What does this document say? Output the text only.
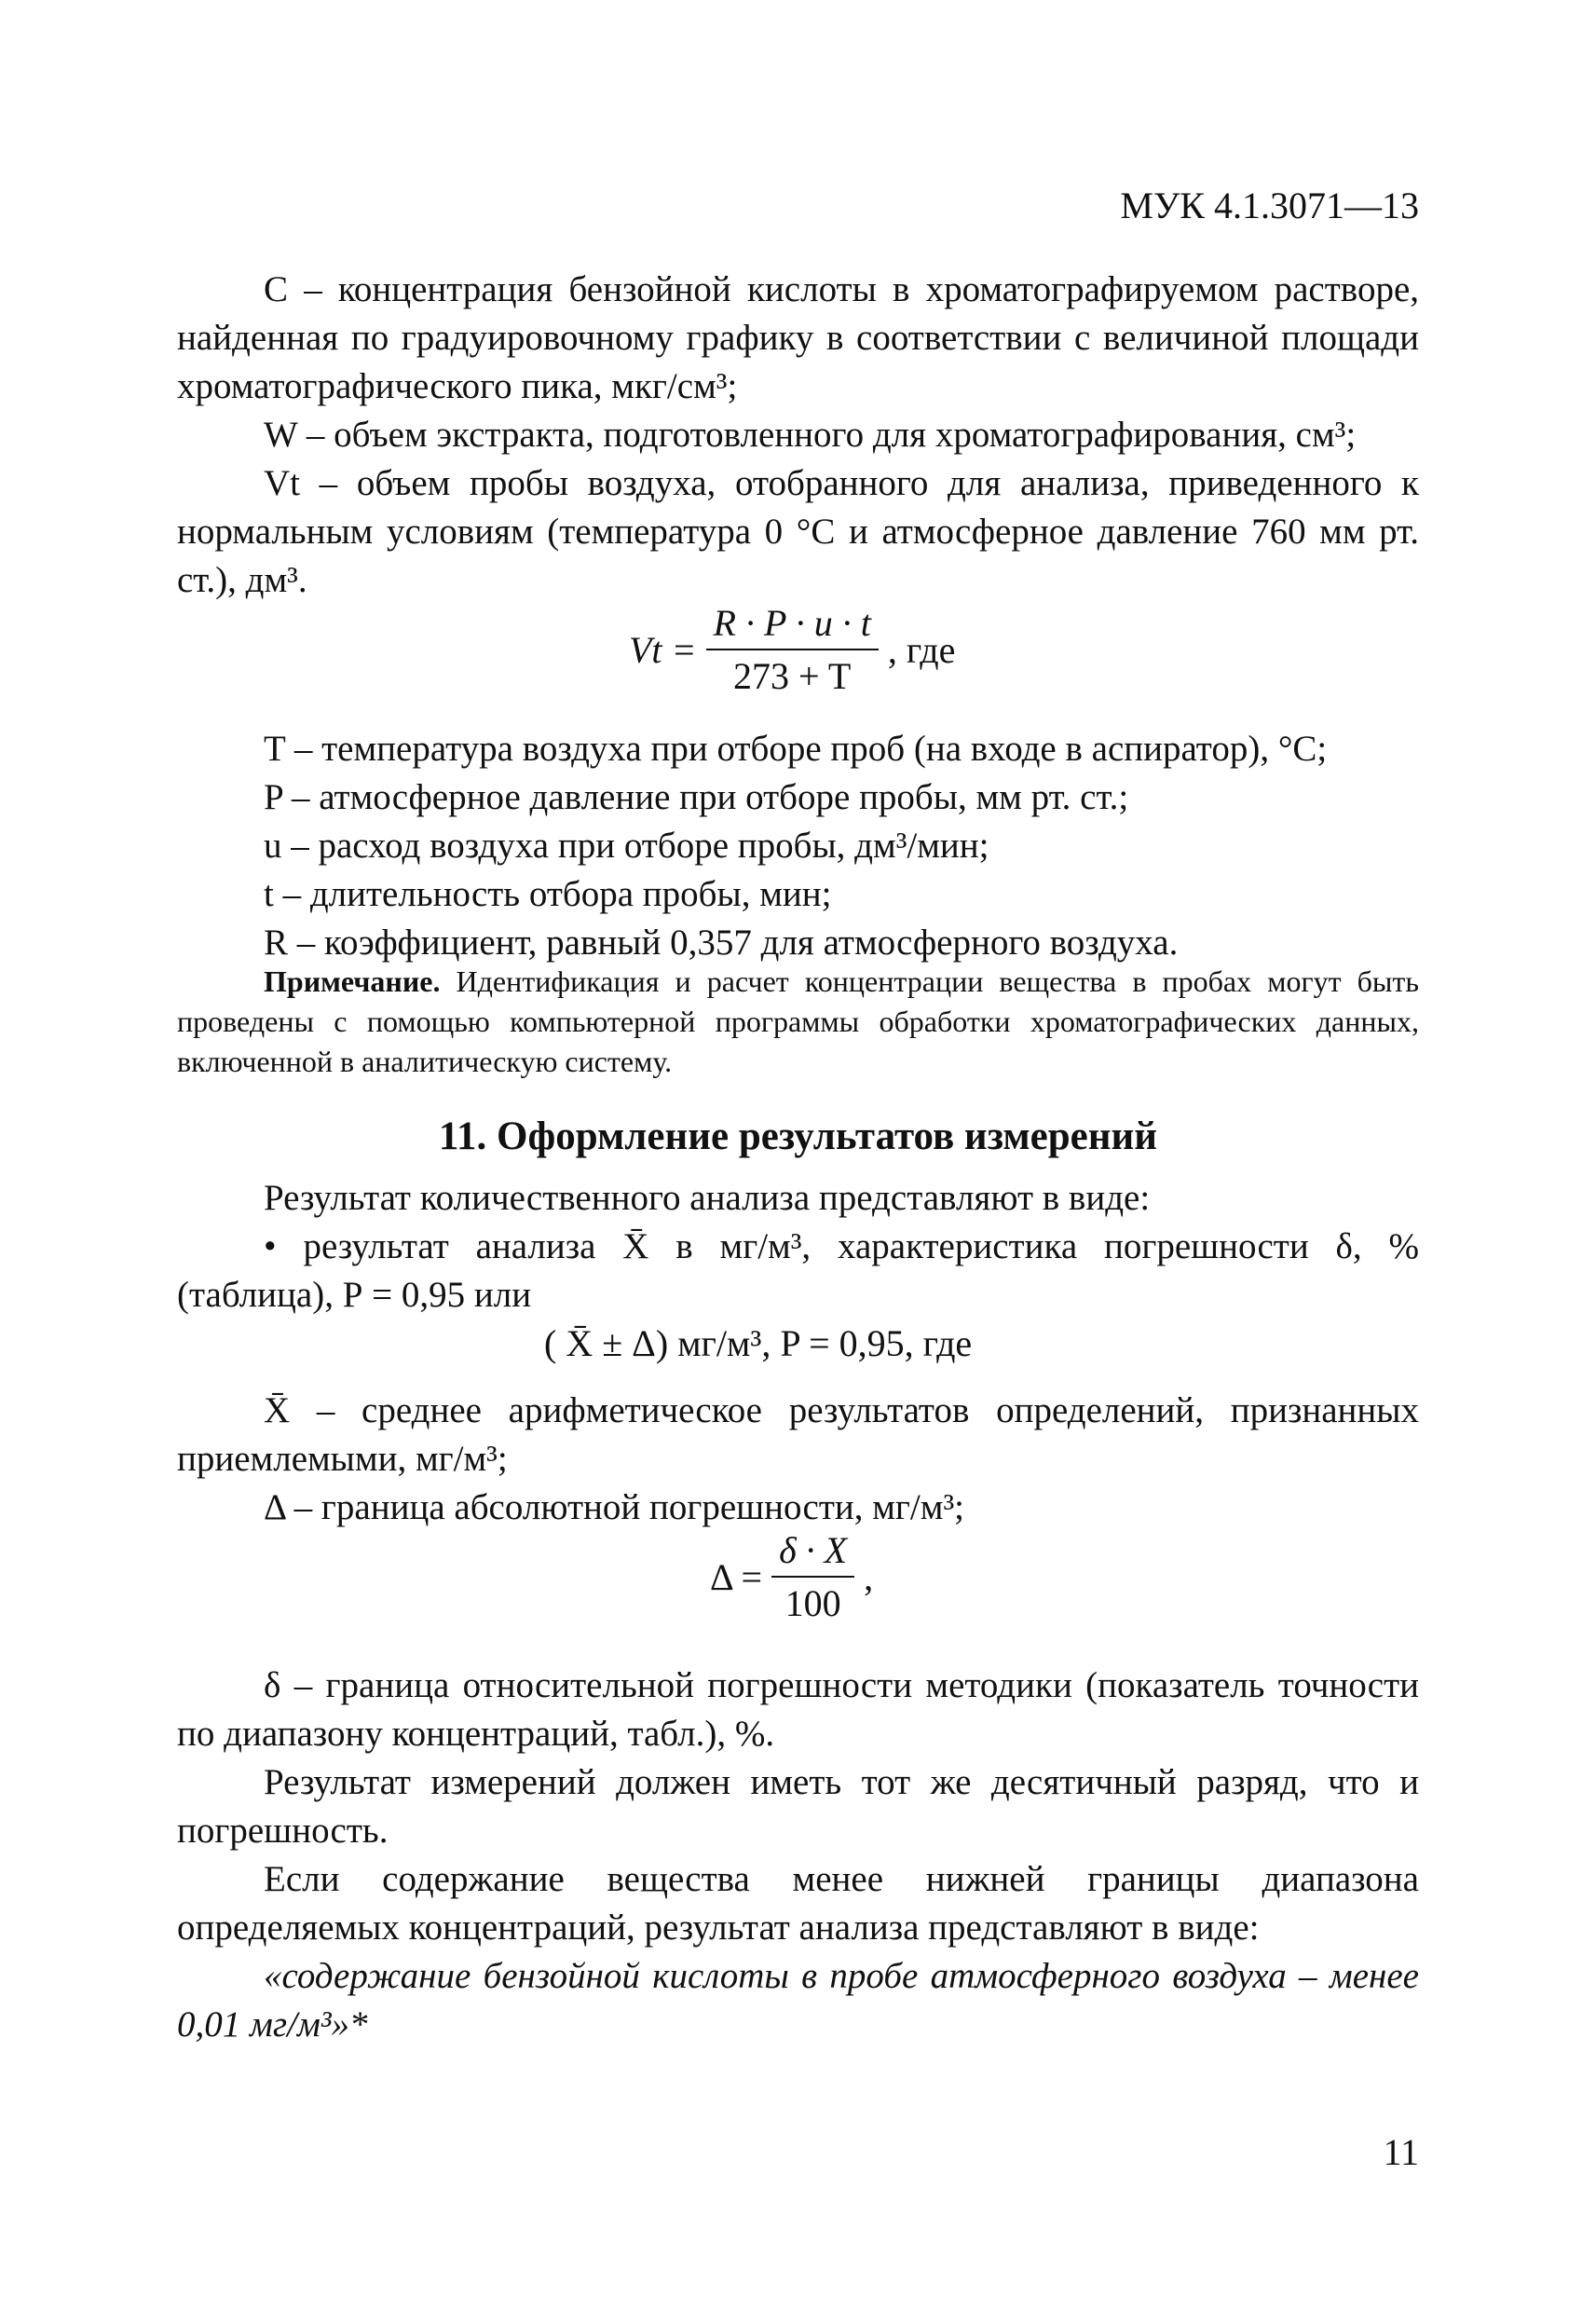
МУК 4.1.3071—13

С – концентрация бензойной кислоты в хроматографируемом растворе, найденная по градуировочному графику в соответствии с величиной площади хроматографического пика, мкг/см³;

W – объем экстракта, подготовленного для хроматографирования, см³;

Vt – объем пробы воздуха, отобранного для анализа, приведенного к нормальным условиям (температура 0 °С и атмосферное давление 760 мм рт. ст.), дм³.

$Vt = \frac{R \cdot P \cdot u \cdot t}{273 + T}$ , где

T – температура воздуха при отборе проб (на входе в аспиратор), °С;

P – атмосферное давление при отборе пробы, мм рт. ст.;

u – расход воздуха при отборе пробы, дм³/мин;

t – длительность отбора пробы, мин;

R – коэффициент, равный 0,357 для атмосферного воздуха.

Примечание. Идентификация и расчет концентрации вещества в пробах могут быть проведены с помощью компьютерной программы обработки хроматографических данных, включенной в аналитическую систему.

11. Оформление результатов измерений

Результат количественного анализа представляют в виде:

• результат анализа X̄ в мг/м³, характеристика погрешности δ, % (таблица), Р = 0,95 или

( X̄ ± Δ) мг/м³, P = 0,95, где

X̄ – среднее арифметическое результатов определений, признанных приемлемыми, мг/м³;

Δ – граница абсолютной погрешности, мг/м³;

$\Delta = \frac{\delta \cdot X}{100}$ ,

δ – граница относительной погрешности методики (показатель точности по диапазону концентраций, табл.), %.

Результат измерений должен иметь тот же десятичный разряд, что и погрешность.

Если содержание вещества менее нижней границы диапазона определяемых концентраций, результат анализа представляют в виде:

«содержание бензойной кислоты в пробе атмосферного воздуха – менее 0,01 мг/м³»*

11
